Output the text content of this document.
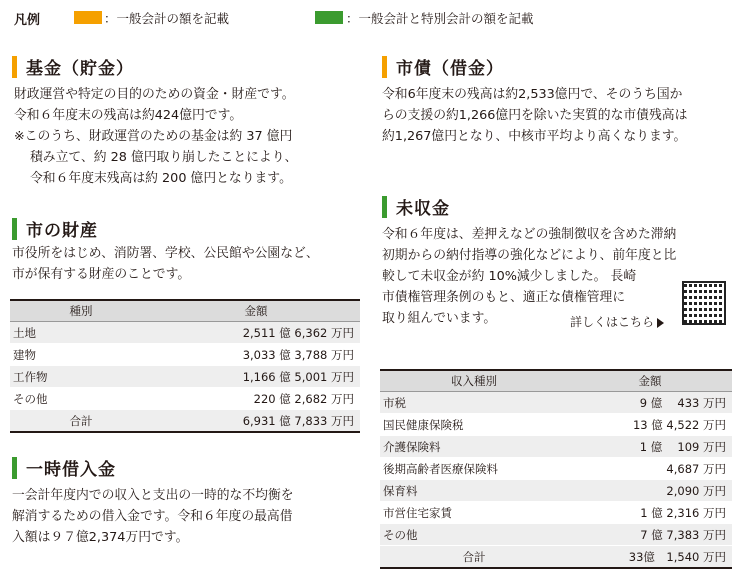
凡例	：一般会計の額を記載	：一般会計と特別会計の額を記載
基金 （貯金）
財政運営や特定の目的のための資金・財産です。
令和６年度末の残高は約424億円です。
※このうち、財政運営のための基金は約 37 億円
積み立て、約 28 億円取り崩したことにより、
令和６年度末残高は約 200 億円となります。
市の財産
市役所をはじめ、消防署、学校、公民館や公園など、
市が保有する財産のことです。
種別	金額
土地	2,511 億 6,362 万円
建物	3,033 億 3,788 万円
工作物	1,166 億 5,001 万円
その他	220 億 2,682 万円
合計	6,931 億 7,833 万円
一時借入金
一会計年度内での収入と支出の一時的な不均衡を
解消するための借入金です。令和６年度の最高借
入額は９７億2,374万円です。
市債 （借金）
令和6年度末の残高は約2,533億円で、そのうち国か
らの支援の約1,266億円を除いた実質的な市債残高は
約1,267億円となり、中核市平均より高くなります。
未収金
令和６年度は、差押えなどの強制徴収を含めた滞納
初期からの納付指導の強化などにより、前年度と比
較して未収金が約 10%減少しました。 長崎
市債権管理条例のもと、適正な債権管理に
取り組んでいます。	詳しくはこちら
収入種別	金額
市税	9 億　 433 万円
国民健康保険税	13 億 4,522 万円
介護保険料	1 億　 109 万円
後期高齢者医療保険料	4,687 万円
保育料	2,090 万円
市営住宅家賃	1 億 2,316 万円
その他	7 億 7,383 万円
合計	33億　1,540 万円
